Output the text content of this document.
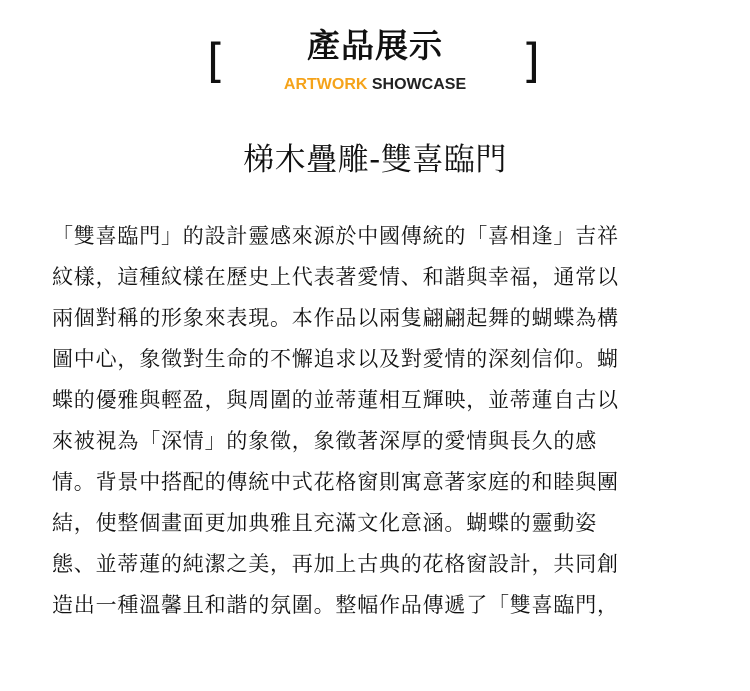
[	產品展示
ARTWORK SHOWCASE	]
梯木疊雕-雙喜臨門
「雙喜臨門」的設計靈感來源於中國傳統的「喜相逢」吉祥
紋樣，這種紋樣在歷史上代表著愛情、和諧與幸福，通常以
兩個對稱的形象來表現。本作品以兩隻翩翩起舞的蝴蝶為構
圖中心，象徵對生命的不懈追求以及對愛情的深刻信仰。蝴
蝶的優雅與輕盈，與周圍的並蒂蓮相互輝映，並蒂蓮自古以
來被視為「深情」的象徵，象徵著深厚的愛情與長久的感
情。背景中搭配的傳統中式花格窗則寓意著家庭的和睦與團
結，使整個畫面更加典雅且充滿文化意涵。蝴蝶的靈動姿
態、並蒂蓮的純潔之美，再加上古典的花格窗設計，共同創
造出一種溫馨且和諧的氛圍。整幅作品傳遞了「雙喜臨門，
